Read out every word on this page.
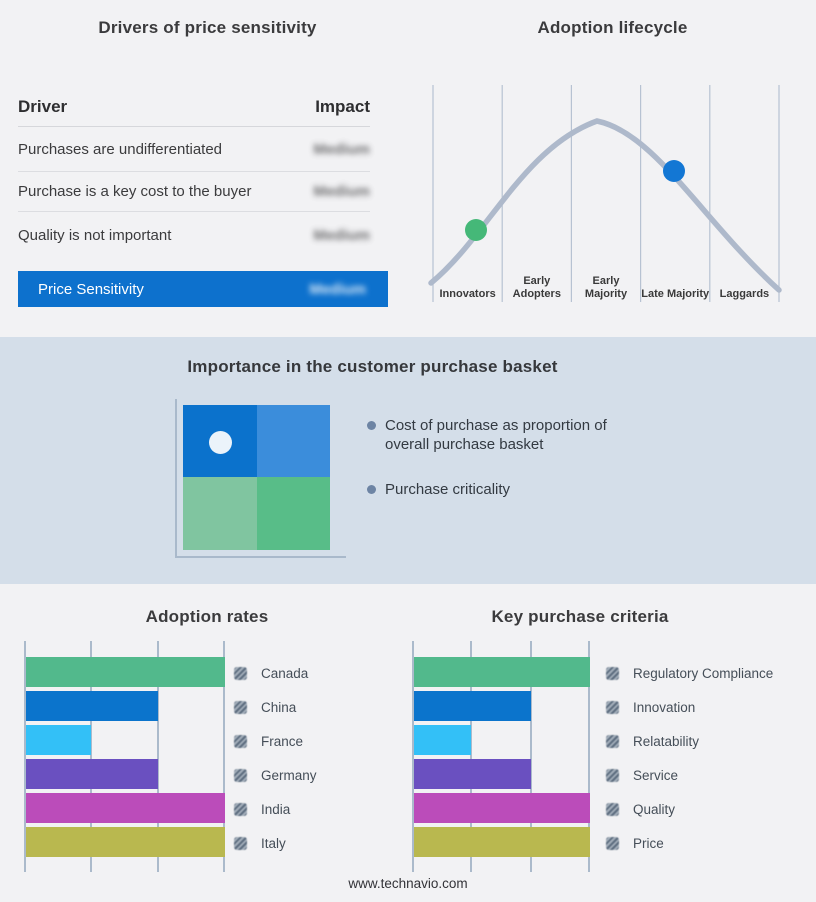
Drivers of price sensitivity	Adoption lifecycle
Driver	Impact
Purchases are undifferentiated	Medium
Purchase is a key cost to the buyer	Medium
Quality is not important	Medium
Price Sensitivity	Medium	Innovators
Early Adopters
Early Majority	Late Majority Laggards
Importance in the customer purchase basket
Cost of purchase as proportion of overall purchase basket
Purchase criticality
Adoption rates	Key purchase criteria
Canada
China
France
Germany
India
Italy
Regulatory Compliance
Innovation
Relatability
Service
Quality
Price
www.technavio.com
